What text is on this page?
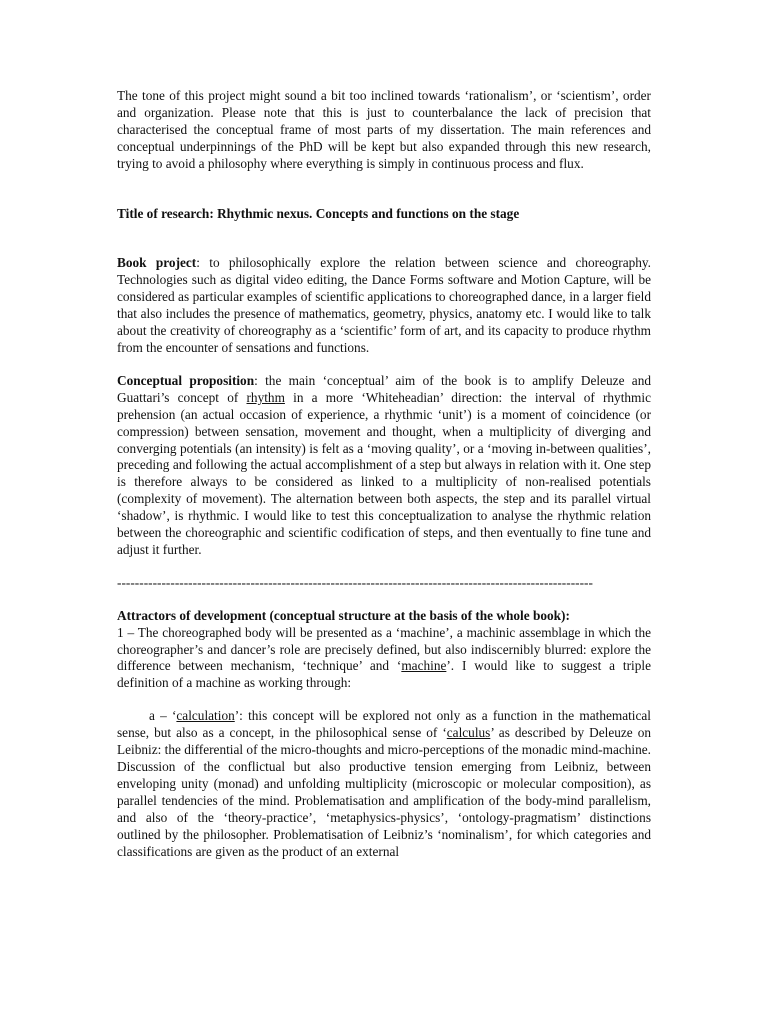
The tone of this project might sound a bit too inclined towards ‘rationalism’, or ‘scientism’, order and organization. Please note that this is just to counterbalance the lack of precision that characterised the conceptual frame of most parts of my dissertation. The main references and conceptual underpinnings of the PhD will be kept but also expanded through this new research, trying to avoid a philosophy where everything is simply in continuous process and flux.

Title of research: Rhythmic nexus. Concepts and functions on the stage

Book project: to philosophically explore the relation between science and choreography. Technologies such as digital video editing, the Dance Forms software and Motion Capture, will be considered as particular examples of scientific applications to choreographed dance, in a larger field that also includes the presence of mathematics, geometry, physics, anatomy etc. I would like to talk about the creativity of choreography as a ‘scientific’ form of art, and its capacity to produce rhythm from the encounter of sensations and functions.

Conceptual proposition: the main ‘conceptual’ aim of the book is to amplify Deleuze and Guattari’s concept of rhythm in a more ‘Whiteheadian’ direction: the interval of rhythmic prehension (an actual occasion of experience, a rhythmic ‘unit’) is a moment of coincidence (or compression) between sensation, movement and thought, when a multiplicity of diverging and converging potentials (an intensity) is felt as a ‘moving quality’, or a ‘moving in-between qualities’, preceding and following the actual accomplishment of a step but always in relation with it. One step is therefore always to be considered as linked to a multiplicity of non-realised potentials (complexity of movement). The alternation between both aspects, the step and its parallel virtual ‘shadow’, is rhythmic. I would like to test this conceptualization to analyse the rhythmic relation between the choreographic and scientific codification of steps, and then eventually to fine tune and adjust it further.

-----------------------------------------------------------------------------------------------------------

Attractors of development (conceptual structure at the basis of the whole book):

1 – The choreographed body will be presented as a ‘machine’, a machinic assemblage in which the choreographer’s and dancer’s role are precisely defined, but also indiscernibly blurred: explore the difference between mechanism, ‘technique’ and ‘machine’. I would like to suggest a triple definition of a machine as working through:

a – ‘calculation’: this concept will be explored not only as a function in the mathematical sense, but also as a concept, in the philosophical sense of ‘calculus’ as described by Deleuze on Leibniz: the differential of the micro-thoughts and micro-perceptions of the monadic mind-machine. Discussion of the conflictual but also productive tension emerging from Leibniz, between enveloping unity (monad) and unfolding multiplicity (microscopic or molecular composition), as parallel tendencies of the mind. Problematisation and amplification of the body-mind parallelism, and also of the ‘theory-practice’, ‘metaphysics-physics’, ‘ontology-pragmatism’ distinctions outlined by the philosopher. Problematisation of Leibniz’s ‘nominalism’, for which categories and classifications are given as the product of an external
